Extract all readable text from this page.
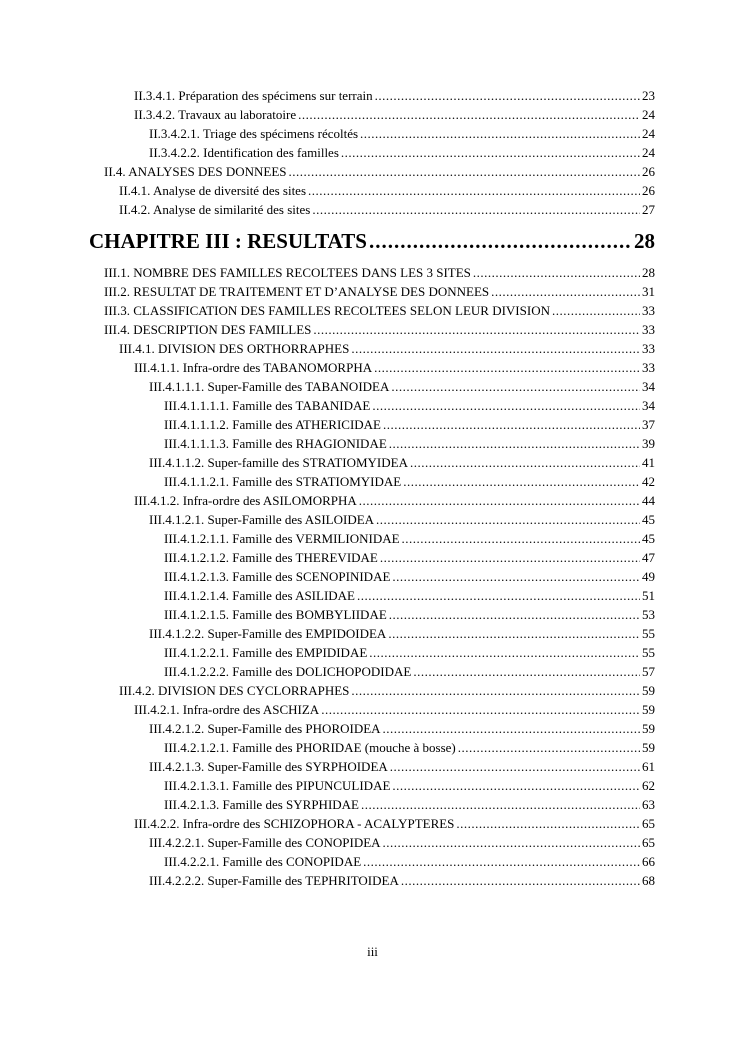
II.3.4.1. Préparation des spécimens sur terrain .....	23
II.3.4.2. Travaux au laboratoire .....	24
II.3.4.2.1. Triage des spécimens récoltés .....	24
II.3.4.2.2. Identification des familles .....	24
II.4. ANALYSES DES DONNEES .....	26
II.4.1. Analyse de diversité des sites .....	26
II.4.2. Analyse de similarité des sites .....	27
CHAPITRE III : RESULTATS .....	28
III.1. NOMBRE DES FAMILLES RECOLTEES DANS LES 3 SITES .....	28
III.2. RESULTAT DE TRAITEMENT ET D’ANALYSE DES DONNEES .....	31
III.3. CLASSIFICATION DES FAMILLES RECOLTEES SELON LEUR DIVISION .....	33
III.4. DESCRIPTION DES FAMILLES .....	33
III.4.1. DIVISION DES ORTHORRAPHES .....	33
III.4.1.1. Infra-ordre des TABANOMORPHA .....	33
III.4.1.1.1. Super-Famille des TABANOIDEA .....	34
III.4.1.1.1.1. Famille des TABANIDAE .....	34
III.4.1.1.1.2. Famille des ATHERICIDAE .....	37
III.4.1.1.1.3. Famille des RHAGIONIDAE .....	39
III.4.1.1.2. Super-famille des STRATIOMYIDEA .....	41
III.4.1.1.2.1. Famille des STRATIOMYIDAE .....	42
III.4.1.2. Infra-ordre des ASILOMORPHA .....	44
III.4.1.2.1. Super-Famille des ASILOIDEA .....	45
III.4.1.2.1.1. Famille des VERMILIONIDAE .....	45
III.4.1.2.1.2. Famille des THEREVIDAE .....	47
III.4.1.2.1.3. Famille des SCENOPINIDAE .....	49
III.4.1.2.1.4. Famille des ASILIDAE .....	51
III.4.1.2.1.5. Famille des BOMBYLIIDAE .....	53
III.4.1.2.2. Super-Famille des EMPIDOIDEA .....	55
III.4.1.2.2.1. Famille des EMPIDIDAE .....	55
III.4.1.2.2.2. Famille des DOLICHOPODIDAE .....	57
III.4.2. DIVISION DES CYCLORRAPHES .....	59
III.4.2.1. Infra-ordre des ASCHIZA .....	59
III.4.2.1.2. Super-Famille des PHOROIDEA .....	59
III.4.2.1.2.1. Famille des PHORIDAE (mouche à bosse) .....	59
III.4.2.1.3. Super-Famille des SYRPHOIDEA .....	61
III.4.2.1.3.1. Famille des PIPUNCULIDAE .....	62
III.4.2.1.3. Famille des SYRPHIDAE .....	63
III.4.2.2. Infra-ordre des SCHIZOPHORA - ACALYPTERES .....	65
III.4.2.2.1. Super-Famille des CONOPIDEA .....	65
III.4.2.2.1. Famille des CONOPIDAE .....	66
III.4.2.2.2. Super-Famille des TEPHRITOIDEA .....	68
iii
